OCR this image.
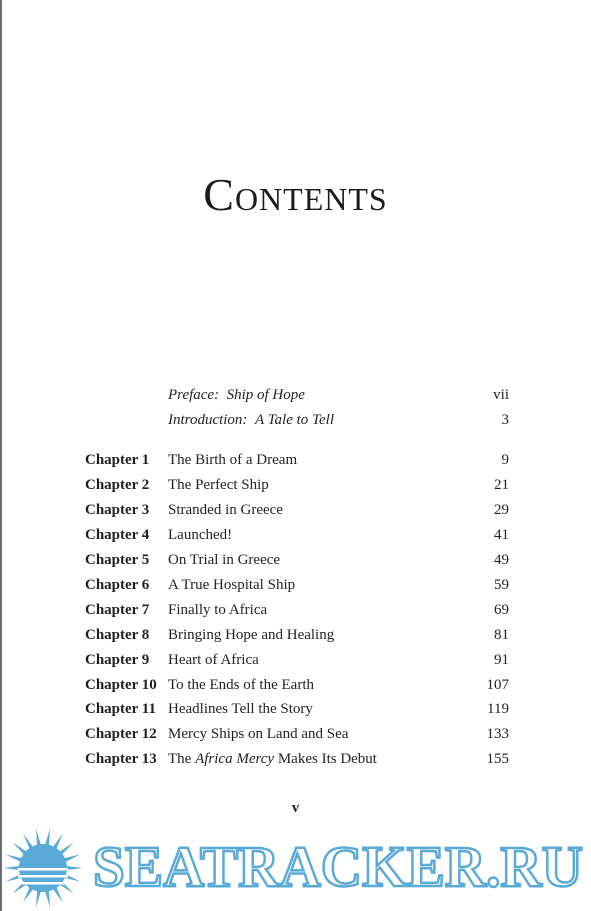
Contents
Preface: Ship of Hope	vii
Introduction: A Tale to Tell	3
Chapter 1 The Birth of a Dream	9
Chapter 2 The Perfect Ship	21
Chapter 3 Stranded in Greece	29
Chapter 4 Launched!	41
Chapter 5 On Trial in Greece	49
Chapter 6 A True Hospital Ship	59
Chapter 7 Finally to Africa	69
Chapter 8 Bringing Hope and Healing	81
Chapter 9 Heart of Africa	91
Chapter 10 To the Ends of the Earth	107
Chapter 11 Headlines Tell the Story	119
Chapter 12 Mercy Ships on Land and Sea	133
Chapter 13 The Africa Mercy Makes Its Debut	155
v
SEATRACKER.RU
